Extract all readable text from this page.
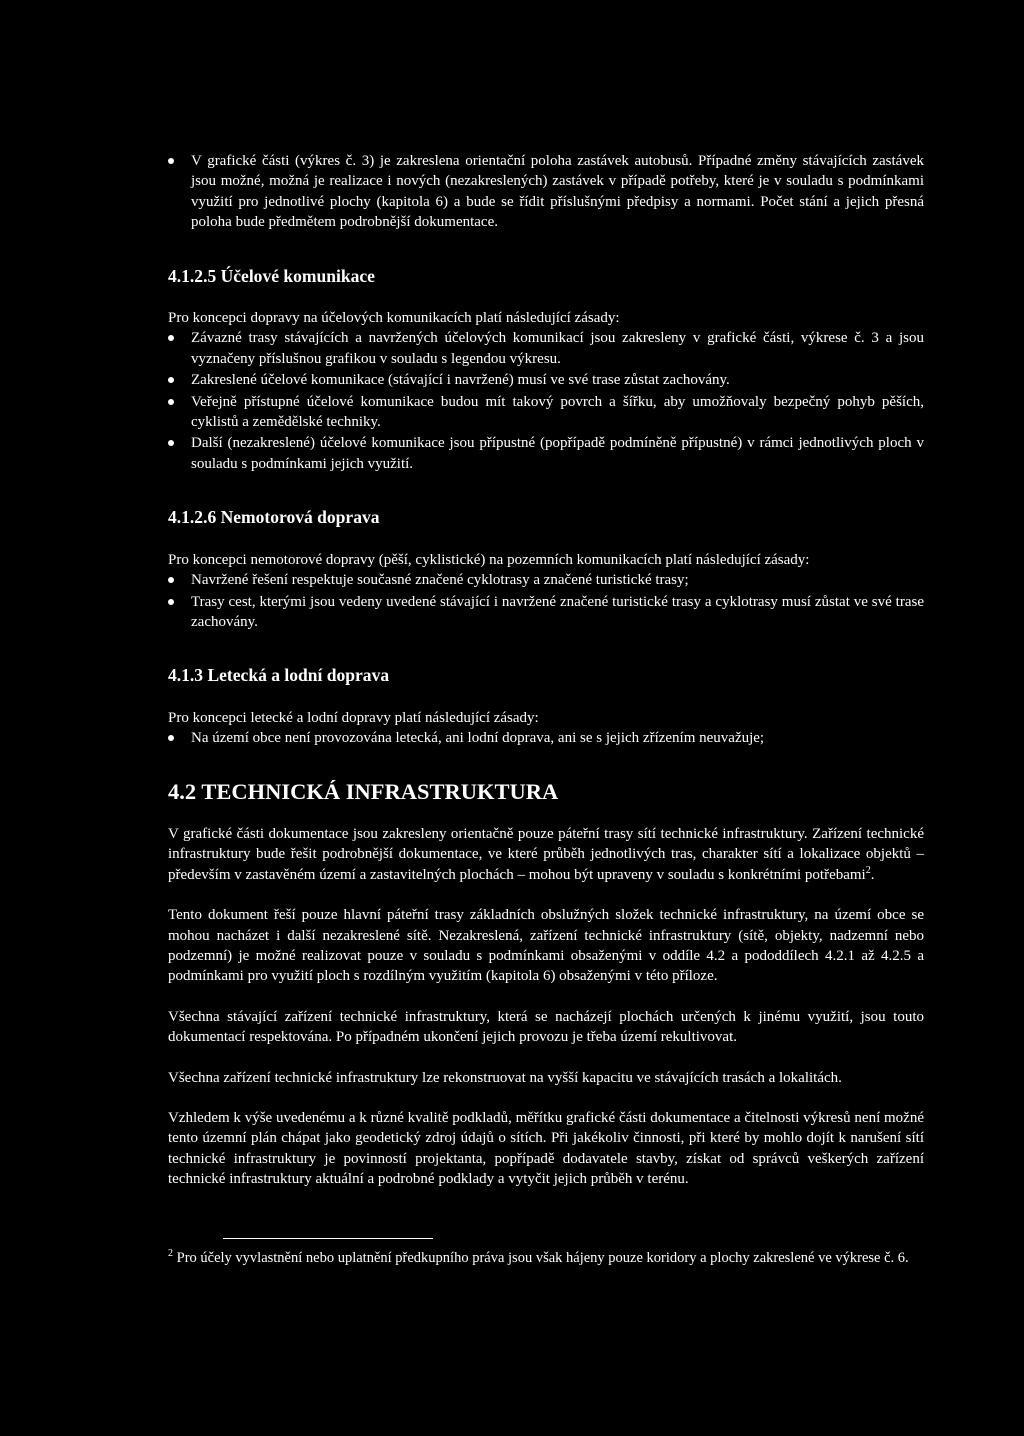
V grafické části (výkres č. 3) je zakreslena orientační poloha zastávek autobusů. Případné změny stávajících zastávek jsou možné, možná je realizace i nových (nezakreslených) zastávek v případě potřeby, které je v souladu s podmínkami využití pro jednotlivé plochy (kapitola 6) a bude se řídit příslušnými předpisy a normami. Počet stání a jejich přesná poloha bude předmětem podrobnější dokumentace.
4.1.2.5 Účelové komunikace

Pro koncepci dopravy na účelových komunikacích platí následující zásady:

Závazné trasy stávajících a navržených účelových komunikací jsou zakresleny v grafické části, výkrese č. 3 a jsou vyznačeny příslušnou grafikou v souladu s legendou výkresu.
Zakreslené účelové komunikace (stávající i navržené) musí ve své trase zůstat zachovány.
Veřejně přístupné účelové komunikace budou mít takový povrch a šířku, aby umožňovaly bezpečný pohyb pěších, cyklistů a zemědělské techniky.
Další (nezakreslené) účelové komunikace jsou přípustné (popřípadě podmíněně přípustné) v rámci jednotlivých ploch v souladu s podmínkami jejich využití.
4.1.2.6 Nemotorová doprava

Pro koncepci nemotorové dopravy (pěší, cyklistické) na pozemních komunikacích platí následující zásady:

Navržené řešení respektuje současné značené cyklotrasy a značené turistické trasy;
Trasy cest, kterými jsou vedeny uvedené stávající i navržené značené turistické trasy a cyklotrasy musí zůstat ve své trase zachovány.
4.1.3 Letecká a lodní doprava

Pro koncepci letecké a lodní dopravy platí následující zásady:

Na území obce není provozována letecká, ani lodní doprava, ani se s jejich zřízením neuvažuje;
4.2 TECHNICKÁ INFRASTRUKTURA

V grafické části dokumentace jsou zakresleny orientačně pouze páteřní trasy sítí technické infrastruktury. Zařízení technické infrastruktury bude řešit podrobnější dokumentace, ve které průběh jednotlivých tras, charakter sítí a lokalizace objektů – především v zastavěném území a zastavitelných plochách – mohou být upraveny v souladu s konkrétními potřebami$^2$.

Tento dokument řeší pouze hlavní páteřní trasy základních obslužných složek technické infrastruktury, na území obce se mohou nacházet i další nezakreslené sítě. Nezakreslená, zařízení technické infrastruktury (sítě, objekty, nadzemní nebo podzemní) je možné realizovat pouze v souladu s podmínkami obsaženými v oddíle 4.2 a pododdílech 4.2.1 až 4.2.5 a podmínkami pro využití ploch s rozdílným využitím (kapitola 6) obsaženými v této příloze.

Všechna stávající zařízení technické infrastruktury, která se nacházejí plochách určených k jinému využití, jsou touto dokumentací respektována. Po případném ukončení jejich provozu je třeba území rekultivovat.

Všechna zařízení technické infrastruktury lze rekonstruovat na vyšší kapacitu ve stávajících trasách a lokalitách.

Vzhledem k výše uvedenému a k různé kvalitě podkladů, měřítku grafické části dokumentace a čitelnosti výkresů není možné tento územní plán chápat jako geodetický zdroj údajů o sítích. Při jakékoliv činnosti, při které by mohlo dojít k narušení sítí technické infrastruktury je povinností projektanta, popřípadě dodavatele stavby, získat od správců veškerých zařízení technické infrastruktury aktuální a podrobné podklady a vytyčit jejich průběh v terénu.

$^2$ Pro účely vyvlastnění nebo uplatnění předkupního práva jsou však hájeny pouze koridory a plochy zakreslené ve výkrese č. 6.
